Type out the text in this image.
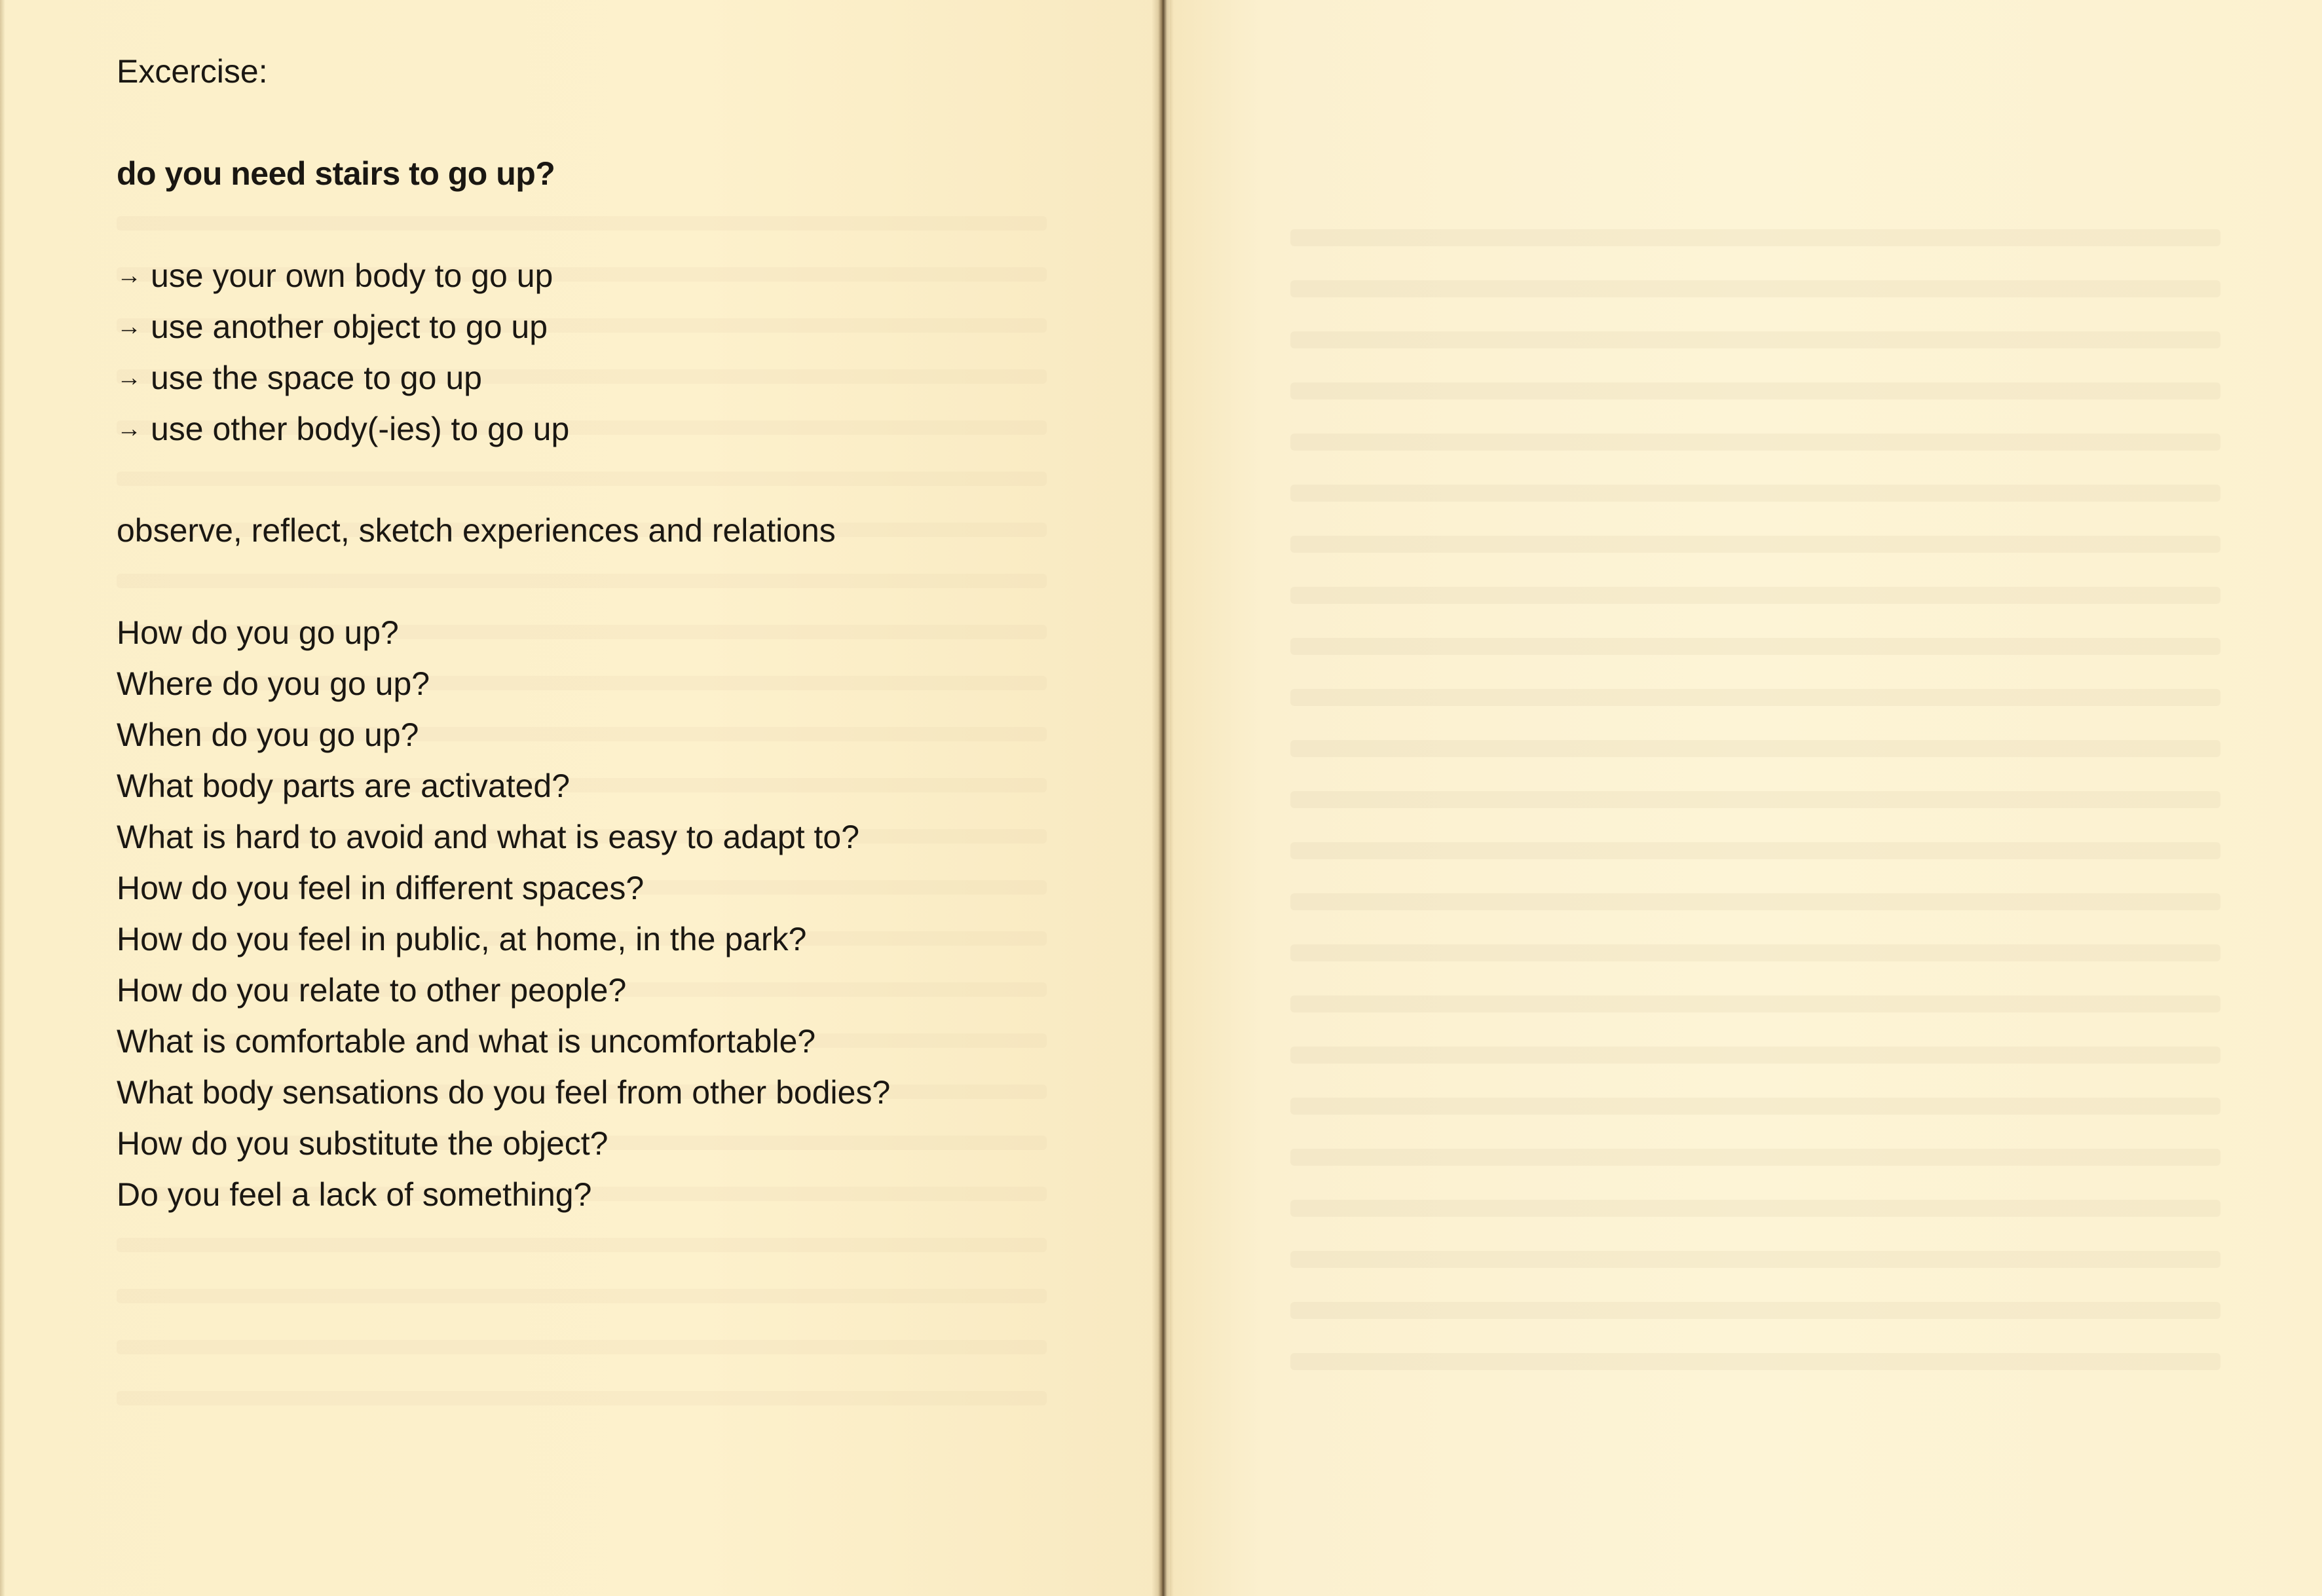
Excercise:

do you need stairs to go up?

→ use your own body to go up
→ use another object to go up
→ use the space to go up
→ use other body(-ies) to go up

observe, reflect, sketch experiences and relations

How do you go up?
Where do you go up?
When do you go up?
What body parts are activated?
What is hard to avoid and what is easy to adapt to?
How do you feel in different spaces?
How do you feel in public, at home, in the park?
How do you relate to other people?
What is comfortable and what is uncomfortable?
What body sensations do you feel from other bodies?
How do you substitute the object?
Do you feel a lack of something?
